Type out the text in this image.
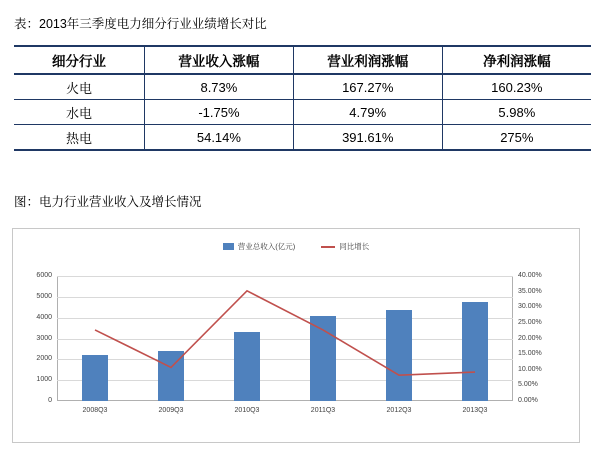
表：2013年三季度电力细分行业业绩增长对比
细分行业	营业收入涨幅	营业利润涨幅	净利润涨幅
火电	8.73%	167.27%	160.23%
水电	-1.75%	4.79%	5.98%
热电	54.14%	391.61%	275%
图：电力行业营业收入及增长情况
营业总收入(亿元)	同比增长
0
1000
2000
3000
4000
5000
6000
0.00%
5.00%
10.00%
15.00%
20.00%
25.00%
30.00%
35.00%
40.00%
2008Q3	2009Q3	2010Q3	2011Q3	2012Q3	2013Q3
